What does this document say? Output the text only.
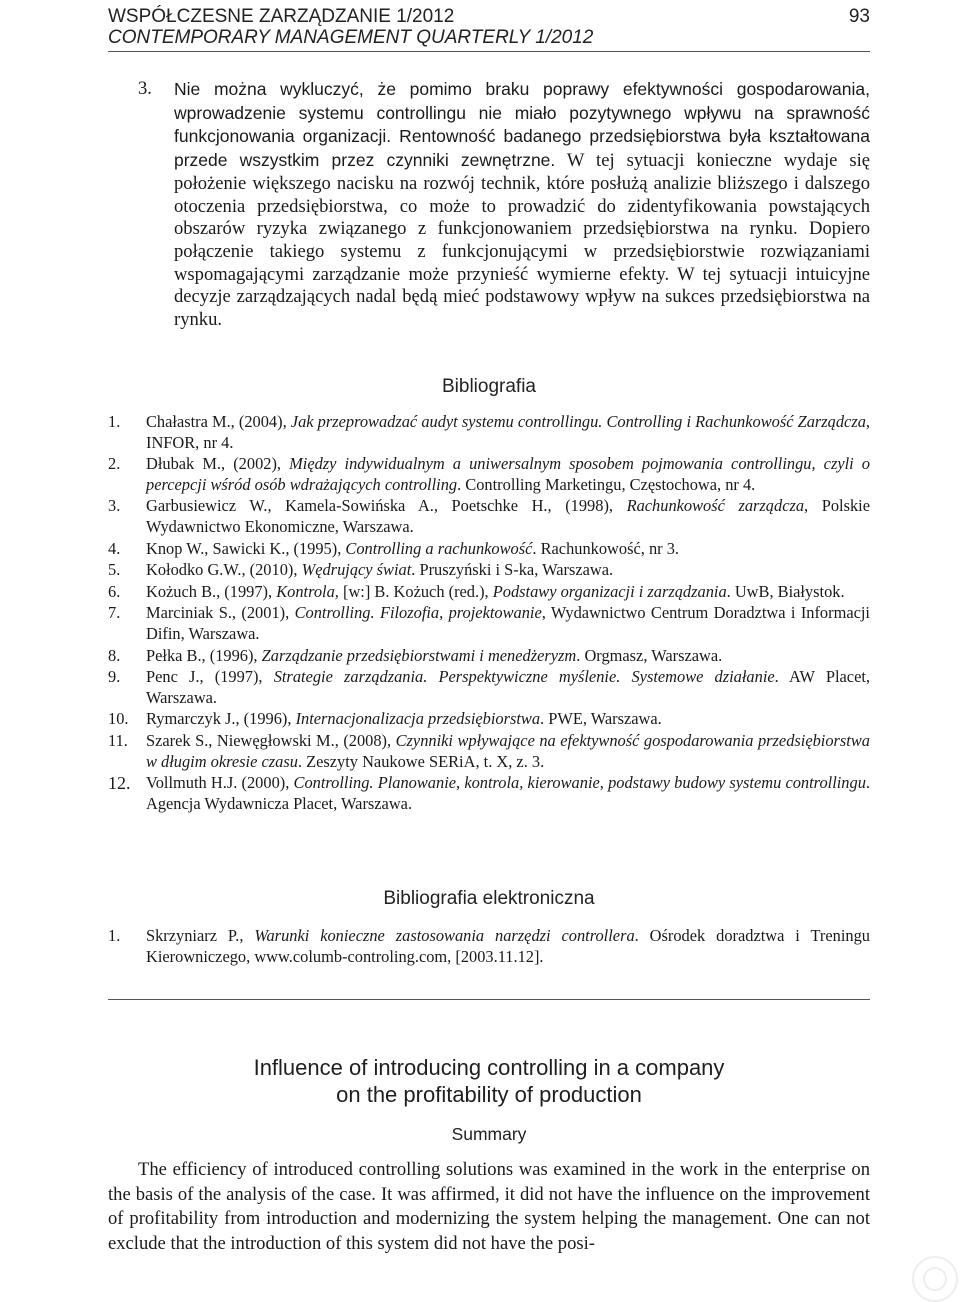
WSPÓŁCZESNE ZARZĄDZANIE 1/2012	93
CONTEMPORARY MANAGEMENT QUARTERLY 1/2012
3. Nie można wykluczyć, że pomimo braku poprawy efektywności gospodarowania, wprowadzenie systemu controllingu nie miało pozytywnego wpływu na sprawność funkcjonowania organizacji. Rentowność badanego przedsiębiorstwa była kształtowana przede wszystkim przez czynniki zewnętrzne. W tej sytuacji konieczne wydaje się położenie większego nacisku na rozwój technik, które posłużą analizie bliższego i dalszego otoczenia przedsiębiorstwa, co może to prowadzić do zidentyfikowania powstających obszarów ryzyka związanego z funkcjonowaniem przedsiębiorstwa na rynku. Dopiero połączenie takiego systemu z funkcjonującymi w przedsiębiorstwie rozwiązaniami wspomagającymi zarządzanie może przynieść wymierne efekty. W tej sytuacji intuicyjne decyzje zarządzających nadal będą mieć podstawowy wpływ na sukces przedsiębiorstwa na rynku.
Bibliografia
1. Chałastra M., (2004), Jak przeprowadzać audyt systemu controllingu. Controlling i Rachunkowość Zarządcza, INFOR, nr 4.
2. Dłubak M., (2002), Między indywidualnym a uniwersalnym sposobem pojmowania controllingu, czyli o percepcji wśród osób wdrażających controlling. Controlling Marketingu, Częstochowa, nr 4.
3. Garbusiewicz W., Kamela-Sowińska A., Poetschke H., (1998), Rachunkowość zarządcza, Polskie Wydawnictwo Ekonomiczne, Warszawa.
4. Knop W., Sawicki K., (1995), Controlling a rachunkowość. Rachunkowość, nr 3.
5. Kołodko G.W., (2010), Wędrujący świat. Pruszyński i S-ka, Warszawa.
6. Kożuch B., (1997), Kontrola, [w:] B. Kożuch (red.), Podstawy organizacji i zarządzania. UwB, Białystok.
7. Marciniak S., (2001), Controlling. Filozofia, projektowanie, Wydawnictwo Centrum Doradztwa i Informacji Difin, Warszawa.
8. Pełka B., (1996), Zarządzanie przedsiębiorstwami i menedżeryzm. Orgmasz, Warszawa.
9. Penc J., (1997), Strategie zarządzania. Perspektywiczne myślenie. Systemowe działanie. AW Placet, Warszawa.
10. Rymarczyk J., (1996), Internacjonalizacja przedsiębiorstwa. PWE, Warszawa.
11. Szarek S., Niewęgłowski M., (2008), Czynniki wpływające na efektywność gospodarowania przedsiębiorstwa w długim okresie czasu. Zeszyty Naukowe SERiA, t. X, z. 3.
12. Vollmuth H.J. (2000), Controlling. Planowanie, kontrola, kierowanie, podstawy budowy systemu controllingu. Agencja Wydawnicza Placet, Warszawa.
Bibliografia elektroniczna
1. Skrzyniarz P., Warunki konieczne zastosowania narzędzi controllera. Ośrodek doradztwa i Treningu Kierowniczego, www.columb-controling.com, [2003.11.12].
Influence of introducing controlling in a company
on the profitability of production
Summary
The efficiency of introduced controlling solutions was examined in the work in the enterprise on the basis of the analysis of the case. It was affirmed, it did not have the influence on the improvement of profitability from introduction and modernizing the system helping the management. One can not exclude that the introduction of this system did not have the posi-
